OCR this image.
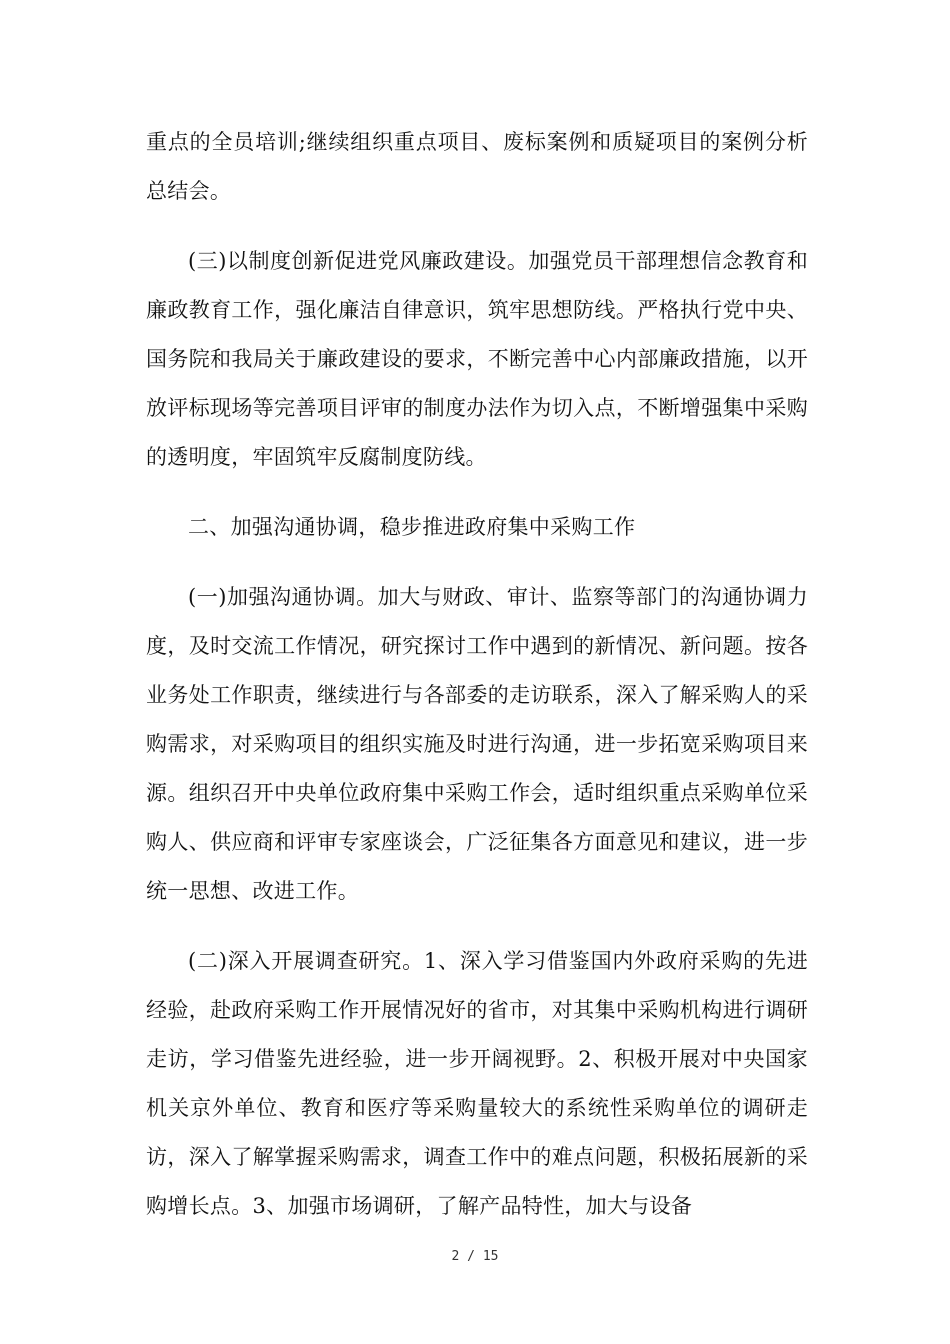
重点的全员培训;继续组织重点项目、废标案例和质疑项目的案例分析总结会。

(三)以制度创新促进党风廉政建设。加强党员干部理想信念教育和廉政教育工作，强化廉洁自律意识，筑牢思想防线。严格执行党中央、国务院和我局关于廉政建设的要求，不断完善中心内部廉政措施，以开放评标现场等完善项目评审的制度办法作为切入点，不断增强集中采购的透明度，牢固筑牢反腐制度防线。

二、加强沟通协调，稳步推进政府集中采购工作

(一)加强沟通协调。加大与财政、审计、监察等部门的沟通协调力度，及时交流工作情况，研究探讨工作中遇到的新情况、新问题。按各业务处工作职责，继续进行与各部委的走访联系，深入了解采购人的采购需求，对采购项目的组织实施及时进行沟通，进一步拓宽采购项目来源。组织召开中央单位政府集中采购工作会，适时组织重点采购单位采购人、供应商和评审专家座谈会，广泛征集各方面意见和建议，进一步统一思想、改进工作。

(二)深入开展调查研究。1、深入学习借鉴国内外政府采购的先进经验，赴政府采购工作开展情况好的省市，对其集中采购机构进行调研走访，学习借鉴先进经验，进一步开阔视野。2、积极开展对中央国家机关京外单位、教育和医疗等采购量较大的系统性采购单位的调研走访，深入了解掌握采购需求，调查工作中的难点问题，积极拓展新的采购增长点。3、加强市场调研，了解产品特性，加大与设备

2 / 15
